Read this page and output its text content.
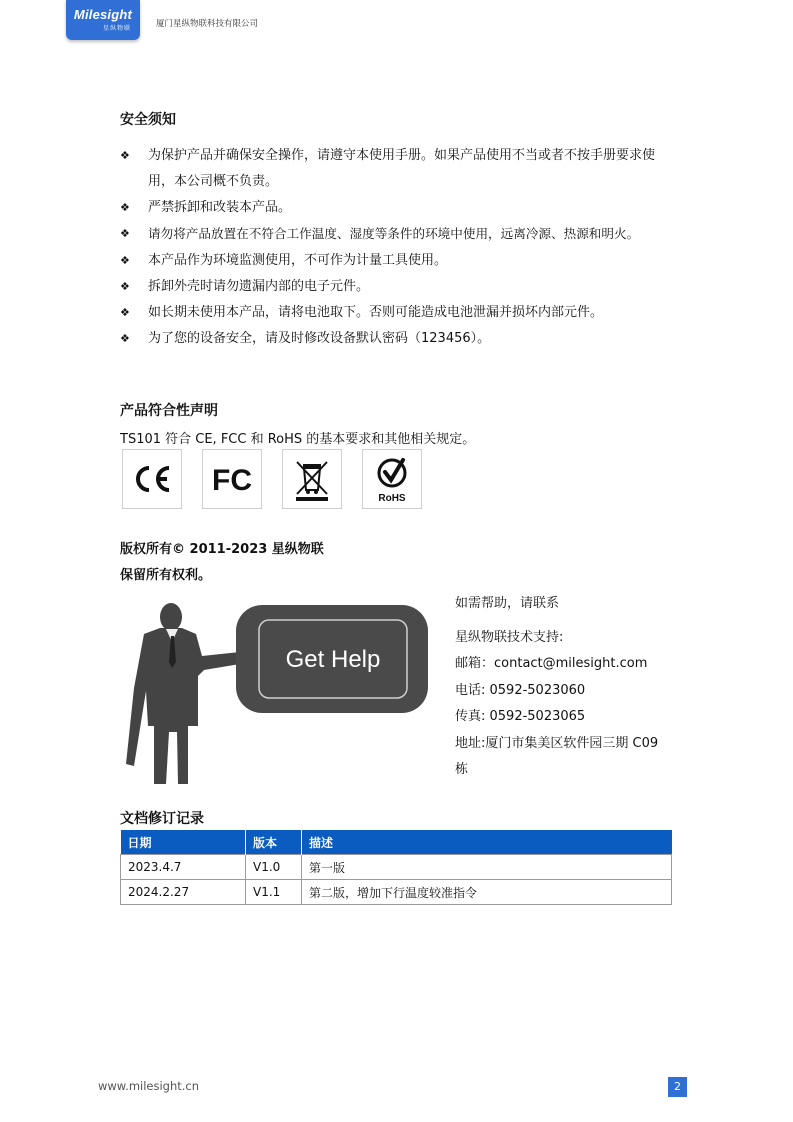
Milesight
星纵物联	厦门星纵物联科技有限公司
安全须知
❖ 为保护产品并确保安全操作，请遵守本使用手册。如果产品使用不当或者不按手册要求使用，本公司概不负责。
❖ 严禁拆卸和改装本产品。
❖ 请勿将产品放置在不符合工作温度、湿度等条件的环境中使用，远离冷源、热源和明火。
❖ 本产品作为环境监测使用，不可作为计量工具使用。
❖ 拆卸外壳时请勿遗漏内部的电子元件。
❖ 如长期未使用本产品，请将电池取下。否则可能造成电池泄漏并损坏内部元件。
❖ 为了您的设备安全，请及时修改设备默认密码（123456）。
产品符合性声明
TS101 符合 CE, FCC 和 RoHS 的基本要求和其他相关规定。
FC
RoHS
版权所有© 2011-2023 星纵物联
保留所有权利。
Get Help
如需帮助，请联系
星纵物联技术支持:
邮箱：contact@milesight.com
电话: 0592-5023060
传真: 0592-5023065
地址:厦门市集美区软件园三期 C09
栋
文档修订记录
日期	版本	描述
2023.4.7	V1.0	第一版
2024.2.27	V1.1	第二版，增加下行温度较准指令
www.milesight.cn	2
